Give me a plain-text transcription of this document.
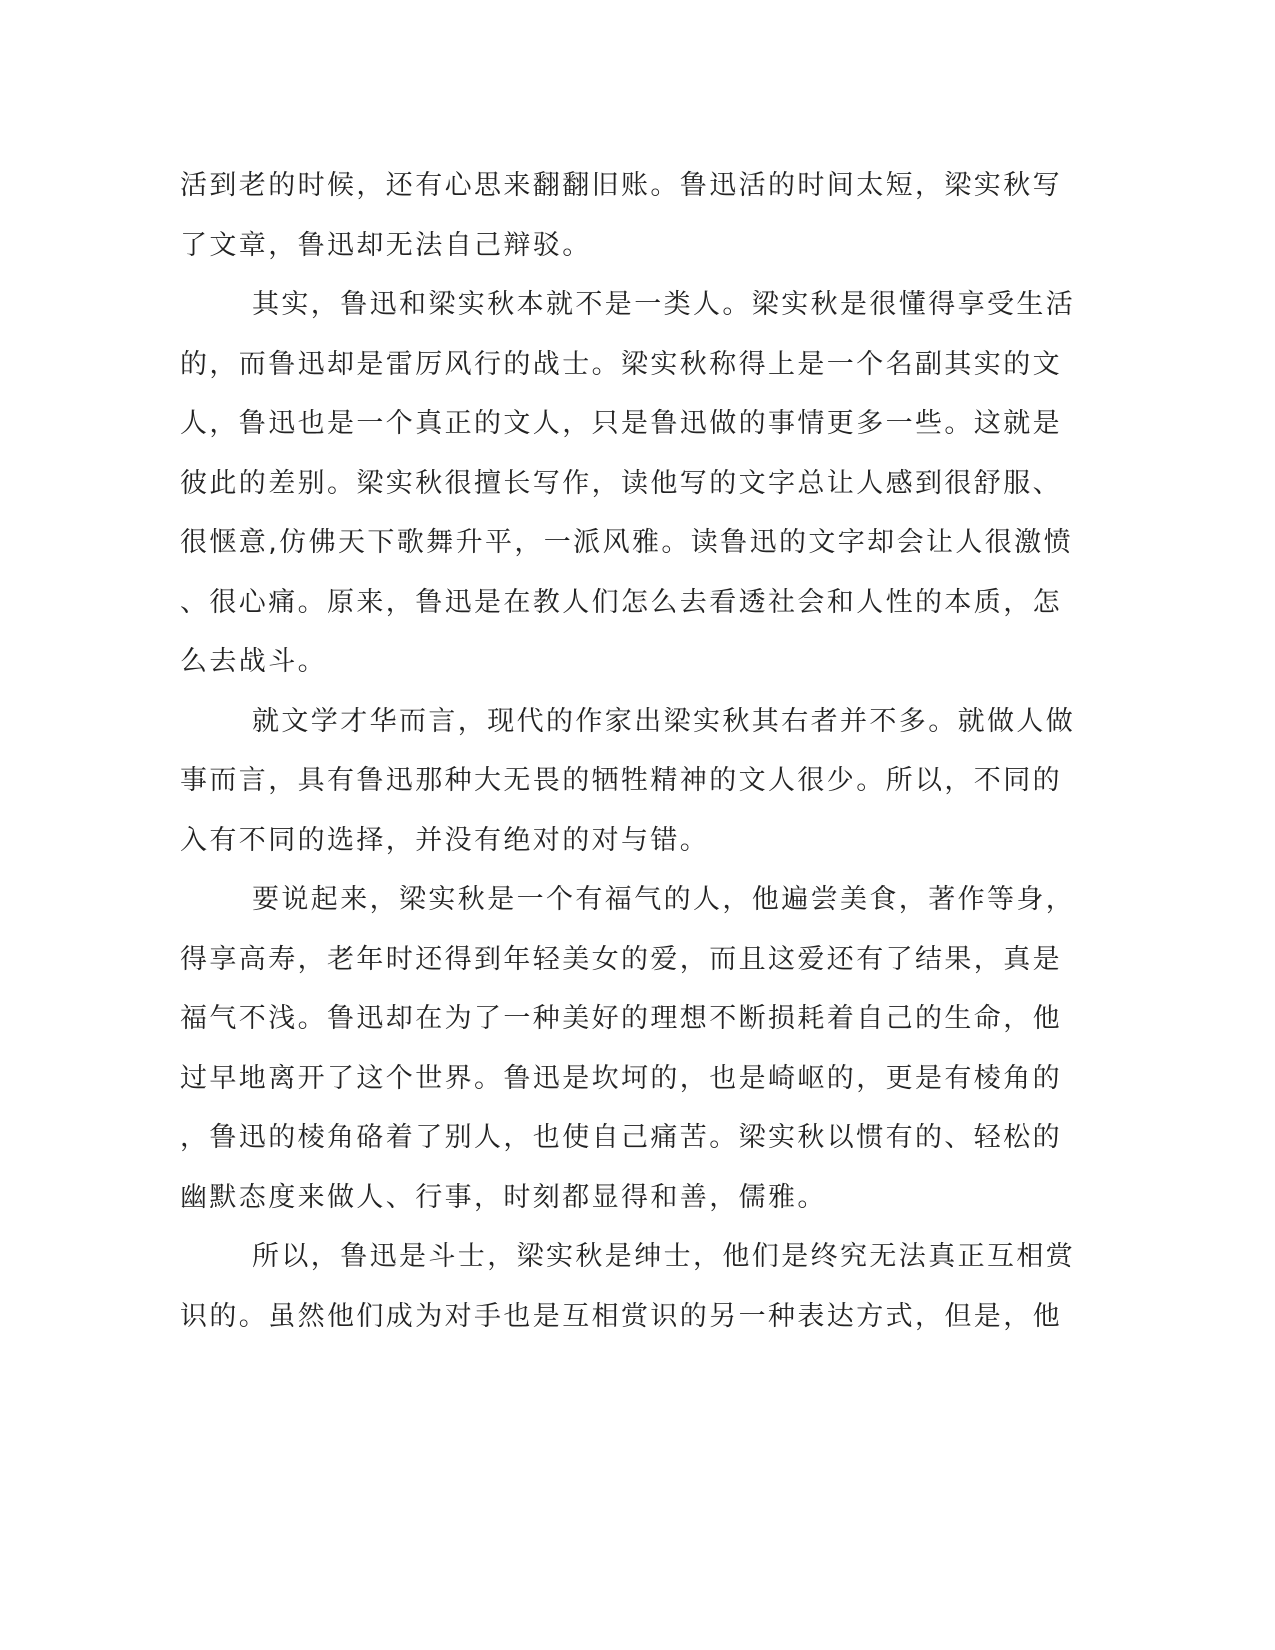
活到老的时候，还有心思来翻翻旧账。鲁迅活的时间太短，梁实秋写
了文章，鲁迅却无法自己辩驳。
其实，鲁迅和梁实秋本就不是一类人。梁实秋是很懂得享受生活
的，而鲁迅却是雷厉风行的战士。梁实秋称得上是一个名副其实的文
人，鲁迅也是一个真正的文人，只是鲁迅做的事情更多一些。这就是
彼此的差别。梁实秋很擅长写作，读他写的文字总让人感到很舒服、
很惬意,仿佛天下歌舞升平，一派风雅。读鲁迅的文字却会让人很激愤
、很心痛。原来，鲁迅是在教人们怎么去看透社会和人性的本质，怎
么去战斗。
就文学才华而言，现代的作家出梁实秋其右者并不多。就做人做
事而言，具有鲁迅那种大无畏的牺牲精神的文人很少。所以，不同的
入有不同的选择，并没有绝对的对与错。
要说起来，梁实秋是一个有福气的人，他遍尝美食，著作等身，
得享高寿，老年时还得到年轻美女的爱，而且这爱还有了结果，真是
福气不浅。鲁迅却在为了一种美好的理想不断损耗着自己的生命，他
过早地离开了这个世界。鲁迅是坎坷的，也是崎岖的，更是有棱角的
，鲁迅的棱角硌着了别人，也使自己痛苦。梁实秋以惯有的、轻松的
幽默态度来做人、行事，时刻都显得和善，儒雅。
所以，鲁迅是斗士，梁实秋是绅士，他们是终究无法真正互相赏
识的。虽然他们成为对手也是互相赏识的另一种表达方式，但是，他
